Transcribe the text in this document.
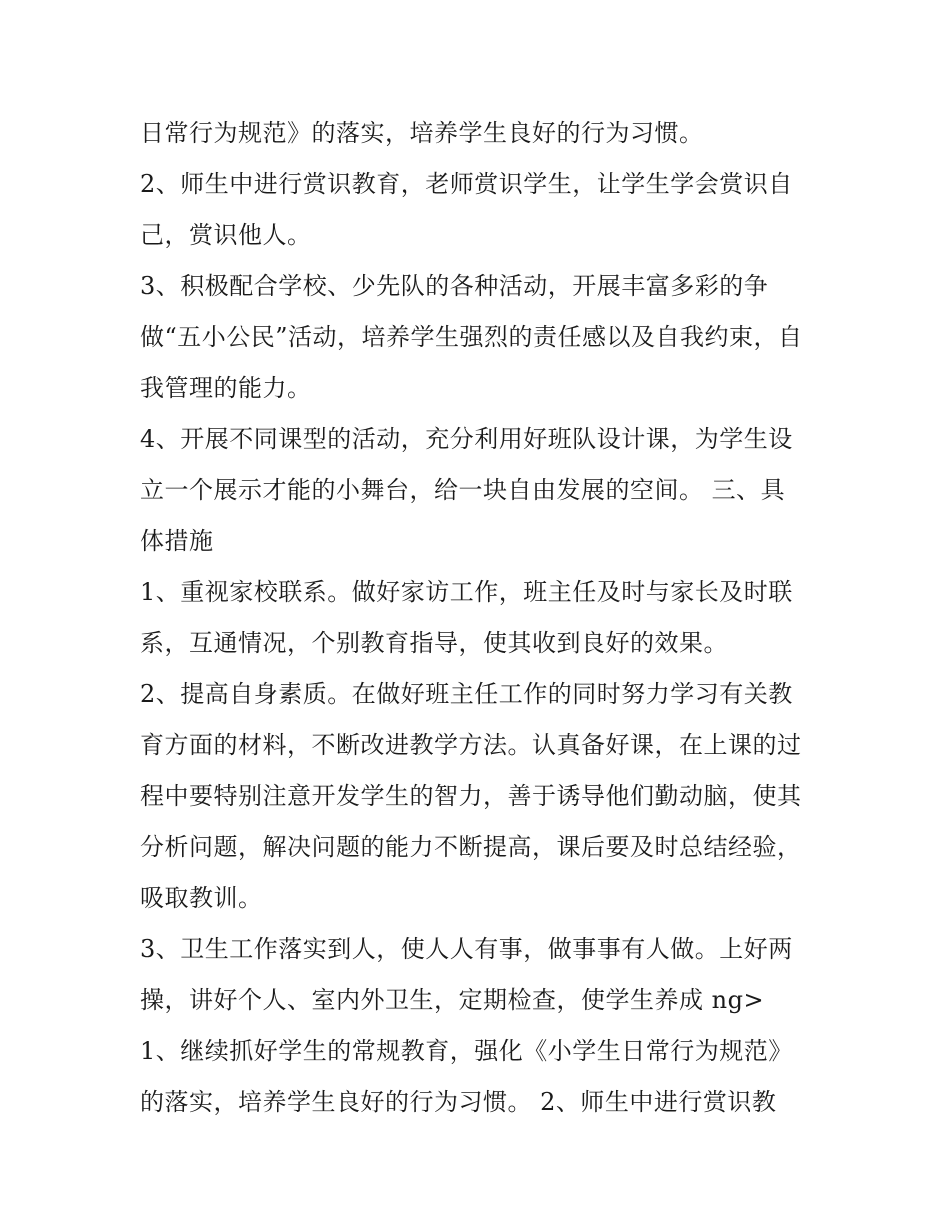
日常行为规范》的落实，培养学生良好的行为习惯。
2、师生中进行赏识教育，老师赏识学生，让学生学会赏识自
己，赏识他人。
3、积极配合学校、少先队的各种活动，开展丰富多彩的争
做“五小公民”活动，培养学生强烈的责任感以及自我约束，自
我管理的能力。
4、开展不同课型的活动，充分利用好班队设计课，为学生设
立一个展示才能的小舞台，给一块自由发展的空间。 三、具
体措施
1、重视家校联系。做好家访工作，班主任及时与家长及时联
系，互通情况，个别教育指导，使其收到良好的效果。
2、提高自身素质。在做好班主任工作的同时努力学习有关教
育方面的材料，不断改进教学方法。认真备好课，在上课的过
程中要特别注意开发学生的智力，善于诱导他们勤动脑，使其
分析问题，解决问题的能力不断提高，课后要及时总结经验，
吸取教训。
3、卫生工作落实到人，使人人有事，做事事有人做。上好两
操，讲好个人、室内外卫生，定期检查，使学生养成 ng>
1、继续抓好学生的常规教育，强化《小学生日常行为规范》
的落实，培养学生良好的行为习惯。 2、师生中进行赏识教
